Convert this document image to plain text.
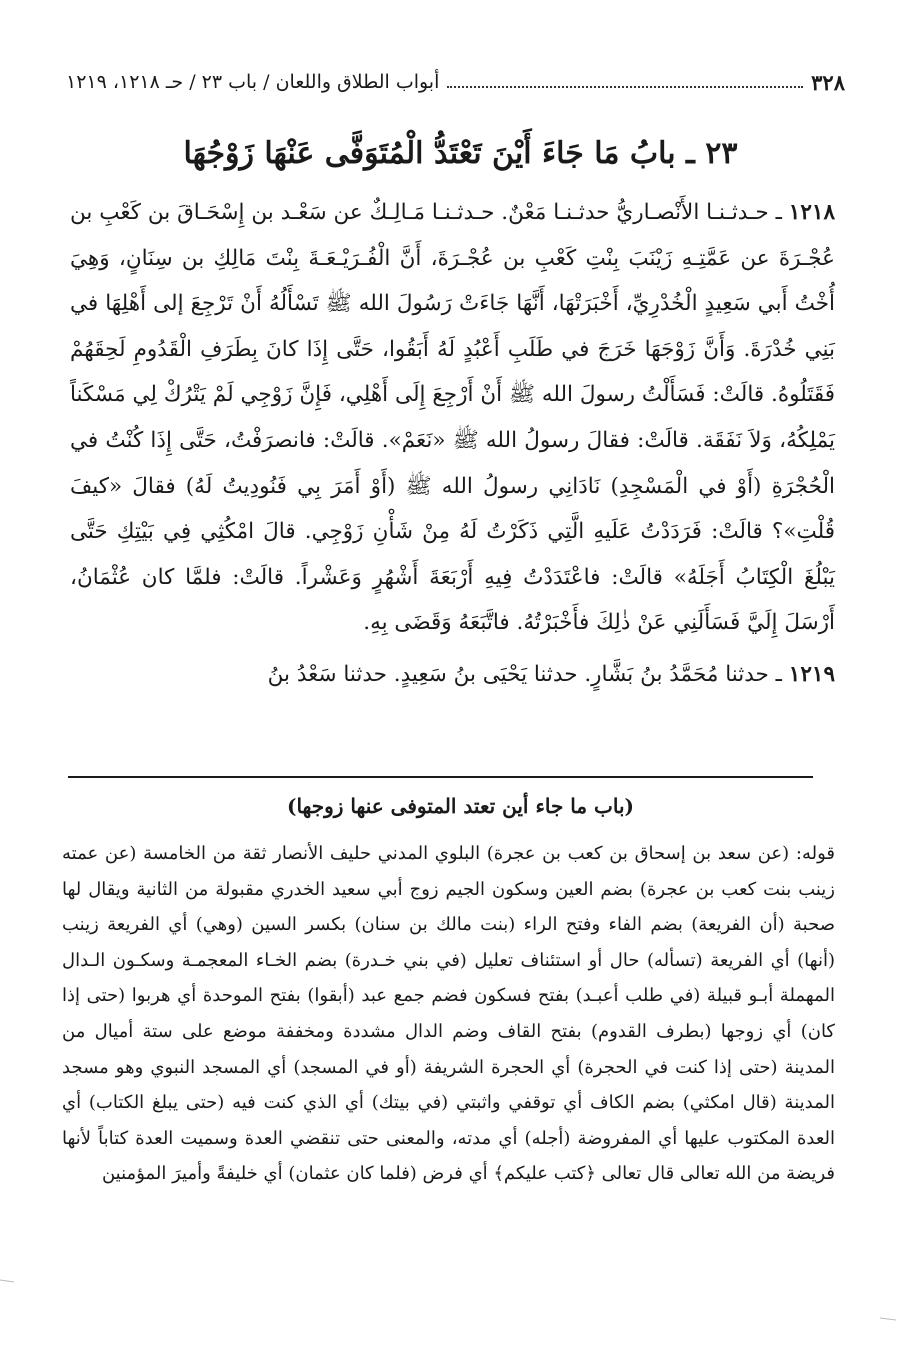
٣٢٨
أبواب الطلاق واللعان / باب ٢٣ / حـ ١٢١٨، ١٢١٩
٢٣ ـ بابُ مَا جَاءَ أَيْنَ تَعْتَدُّ الْمُتَوَفَّى عَنْهَا زَوْجُهَا

١٢١٨ ـ حـدثـنـا الأَنْصـاريُّ حدثـنـا مَعْنٌ. حـدثـنـا مَـالِـكٌ عن سَعْـد بن إِسْحَـاقَ بن كَعْبِ بن عُجْـرَةَ عن عَمَّتِـهِ زَيْنَبَ بِنْتِ كَعْبِ بن عُجْـرَةَ، أَنَّ الْفُـرَيْـعَـةَ بِنْتَ مَالِكِ بن سِنَانٍ، وَهِيَ أُخْتُ أَبي سَعِيدٍ الْخُدْرِيِّ، أَخْبَرَتْهَا، أَنَّهَا جَاءَتْ رَسُولَ الله ﷺ تَسْأَلُهُ أَنْ تَرْجِعَ إلى أَهْلِهَا في بَنِي خُدْرَةَ. وَأَنَّ زَوْجَهَا خَرَجَ في طَلَبِ أَعْبُدٍ لَهُ أَبَقُوا، حَتَّى إِذَا كانَ بِطَرَفِ الْقَدُومِ لَحِقَهُمْ فَقَتَلُوهُ. قالَتْ: فَسَأَلْتُ رسولَ الله ﷺ أَنْ أَرْجِعَ إِلَى أَهْلِي، فَإِنَّ زَوْجِي لَمْ يَتْرُكْ لِي مَسْكَناً يَمْلِكُهُ، وَلاَ نَفَقَة. قالَتْ: فقالَ رسولُ الله ﷺ «نَعَمْ». قالَتْ: فانصرَفْتُ، حَتَّى إِذَا كُنْتُ في الْحُجْرَةِ (أَوْ في الْمَسْجِدِ) نَادَانِي رسولُ الله ﷺ (أَوْ أَمَرَ بِي فَنُودِيتُ لَهُ) فقالَ «كيفَ قُلْتِ»؟ قالَتْ: فَرَدَدْتُ عَلَيهِ الَّتِي ذَكَرْتُ لَهُ مِنْ شَأْنِ زَوْجِي. قالَ امْكُثِي فِي بَيْتِكِ حَتَّى يَبْلُغَ الْكِتَابُ أَجَلَهُ» قالَتْ: فاعْتَدَدْتُ فِيهِ أَرْبَعَةَ أَشْهُرٍ وَعَشْراً. قالَتْ: فلمَّا كان عُثْمَانُ، أَرْسَلَ إِلَيَّ فَسَأَلَنِي عَنْ ذٰلِكَ فأَخْبَرْتُهُ. فاتَّبَعَهُ وَقَضَى بِهِ.

١٢١٩ ـ حدثنا مُحَمَّدُ بنُ بَشَّارٍ. حدثنا يَحْيَى بنُ سَعِيدٍ. حدثنا سَعْدُ بنُ

(باب ما جاء أين تعتد المتوفى عنها زوجها)

قوله: (عن سعد بن إسحاق بن كعب بن عجرة) البلوي المدني حليف الأنصار ثقة من الخامسة (عن عمته زينب بنت كعب بن عجرة) بضم العين وسكون الجيم زوج أبي سعيد الخدري مقبولة من الثانية ويقال لها صحبة (أن الفريعة) بضم الفاء وفتح الراء (بنت مالك بن سنان) بكسر السين (وهي) أي الفريعة زينب (أنها) أي الفريعة (تسأله) حال أو استئناف تعليل (في بني خـدرة) بضم الخـاء المعجمـة وسكـون الـدال المهملة أبـو قبيلة (في طلب أعبـد) بفتح فسكون فضم جمع عبد (أبقوا) بفتح الموحدة أي هربوا (حتى إذا كان) أي زوجها (بطرف القدوم) بفتح القاف وضم الدال مشددة ومخففة موضع على ستة أميال من المدينة (حتى إذا كنت في الحجرة) أي الحجرة الشريفة (أو في المسجد) أي المسجد النبوي وهو مسجد المدينة (قال امكثي) بضم الكاف أي توقفي واثبتي (في بيتك) أي الذي كنت فيه (حتى يبلغ الكتاب) أي العدة المكتوب عليها أي المفروضة (أجله) أي مدته، والمعنى حتى تنقضي العدة وسميت العدة كتاباً لأنها فريضة من الله تعالى قال تعالى ﴿كتب عليكم﴾ أي فرض (فلما كان عثمان) أي خليفةً وأميرَ المؤمنين
